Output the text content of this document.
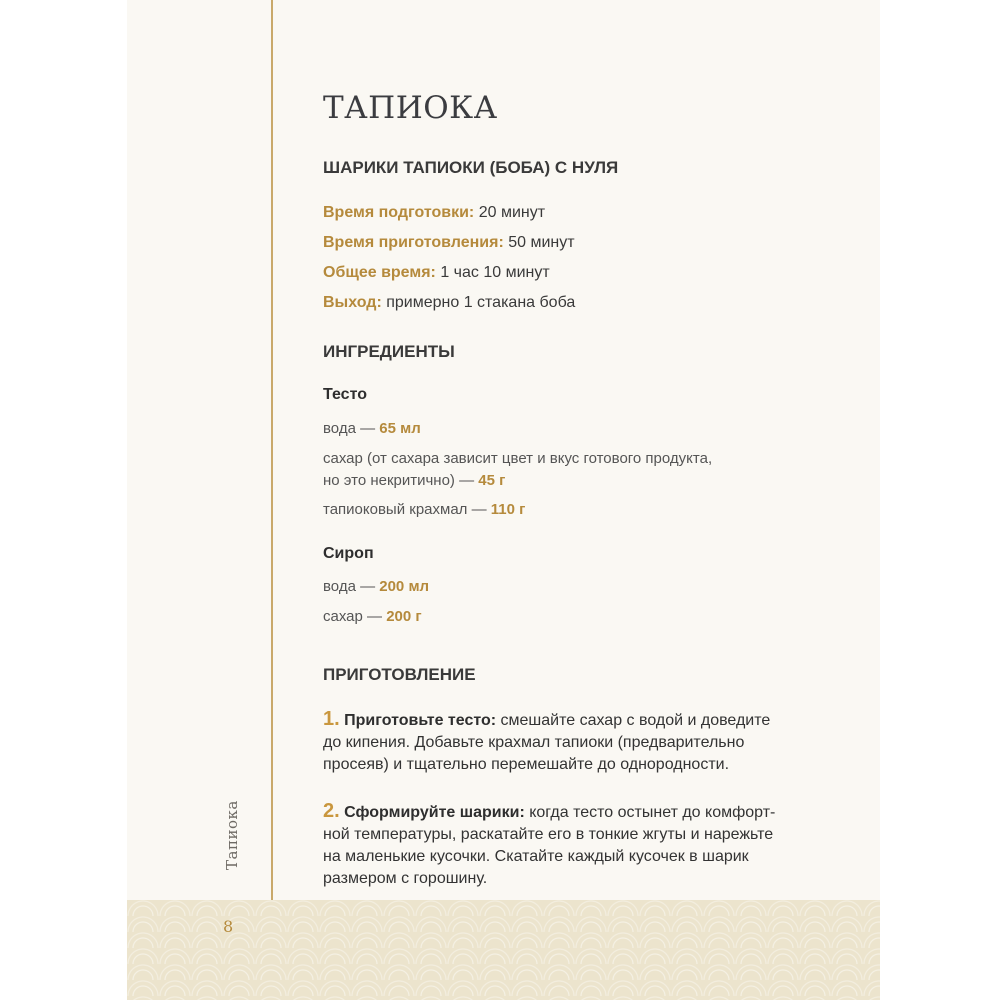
Тапиока
8
ТАПИОКА
ШАРИКИ ТАПИОКИ (БОБА) С НУЛЯ
Время подготовки: 20 минут
Время приготовления: 50 минут
Общее время: 1 час 10 минут
Выход: примерно 1 стакана боба
ИНГРЕДИЕНТЫ
Тесто
вода — 65 мл
сахар (от сахара зависит цвет и вкус готового продукта,
но это некритично) — 45 г
тапиоковый крахмал — 110 г
Сироп
вода — 200 мл
сахар — 200 г
ПРИГОТОВЛЕНИЕ
1. Приготовьте тесто: смешайте сахар с водой и доведите
до кипения. Добавьте крахмал тапиоки (предварительно
просеяв) и тщательно перемешайте до однородности.
2. Сформируйте шарики: когда тесто остынет до комфорт-
ной температуры, раскатайте его в тонкие жгуты и нарежьте
на маленькие кусочки. Скатайте каждый кусочек в шарик
размером с горошину.
